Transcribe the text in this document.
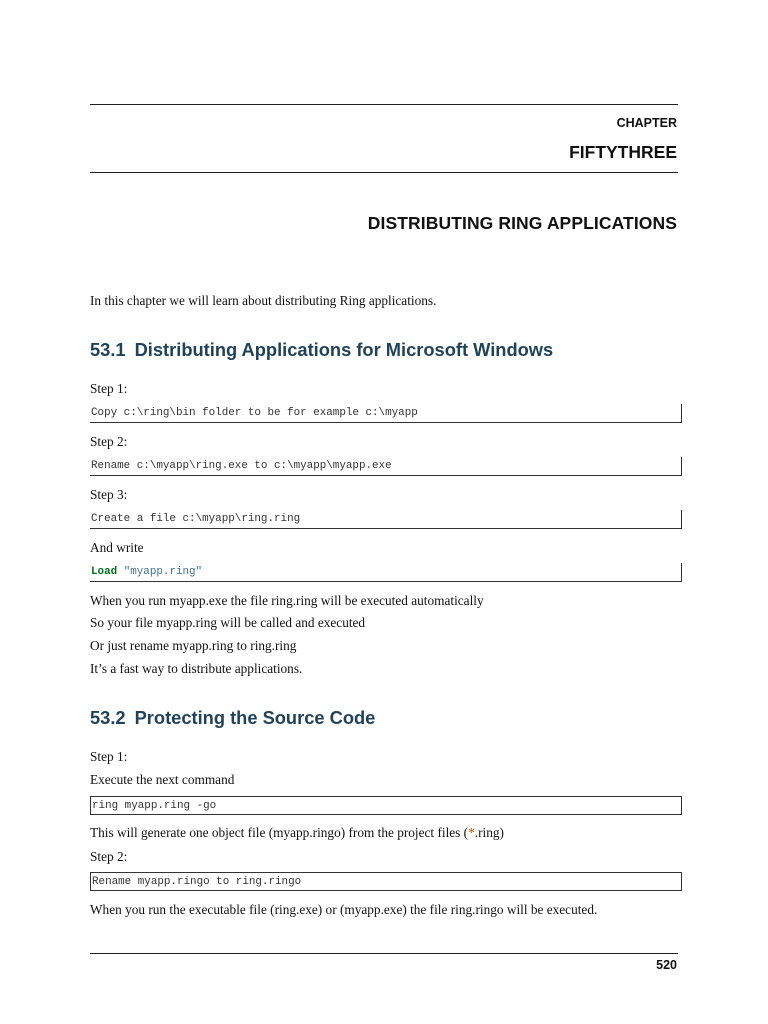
CHAPTER
FIFTYTHREE
DISTRIBUTING RING APPLICATIONS
In this chapter we will learn about distributing Ring applications.
53.1 Distributing Applications for Microsoft Windows
Step 1:
Copy c:\ring\bin folder to be for example c:\myapp
Step 2:
Rename c:\myapp\ring.exe to c:\myapp\myapp.exe
Step 3:
Create a file c:\myapp\ring.ring
And write
Load "myapp.ring"
When you run myapp.exe the file ring.ring will be executed automatically
So your file myapp.ring will be called and executed
Or just rename myapp.ring to ring.ring
It’s a fast way to distribute applications.
53.2 Protecting the Source Code
Step 1:
Execute the next command
ring myapp.ring -go
This will generate one object file (myapp.ringo) from the project files (*.ring)
Step 2:
Rename myapp.ringo to ring.ringo
When you run the executable file (ring.exe) or (myapp.exe) the file ring.ringo will be executed.
520
